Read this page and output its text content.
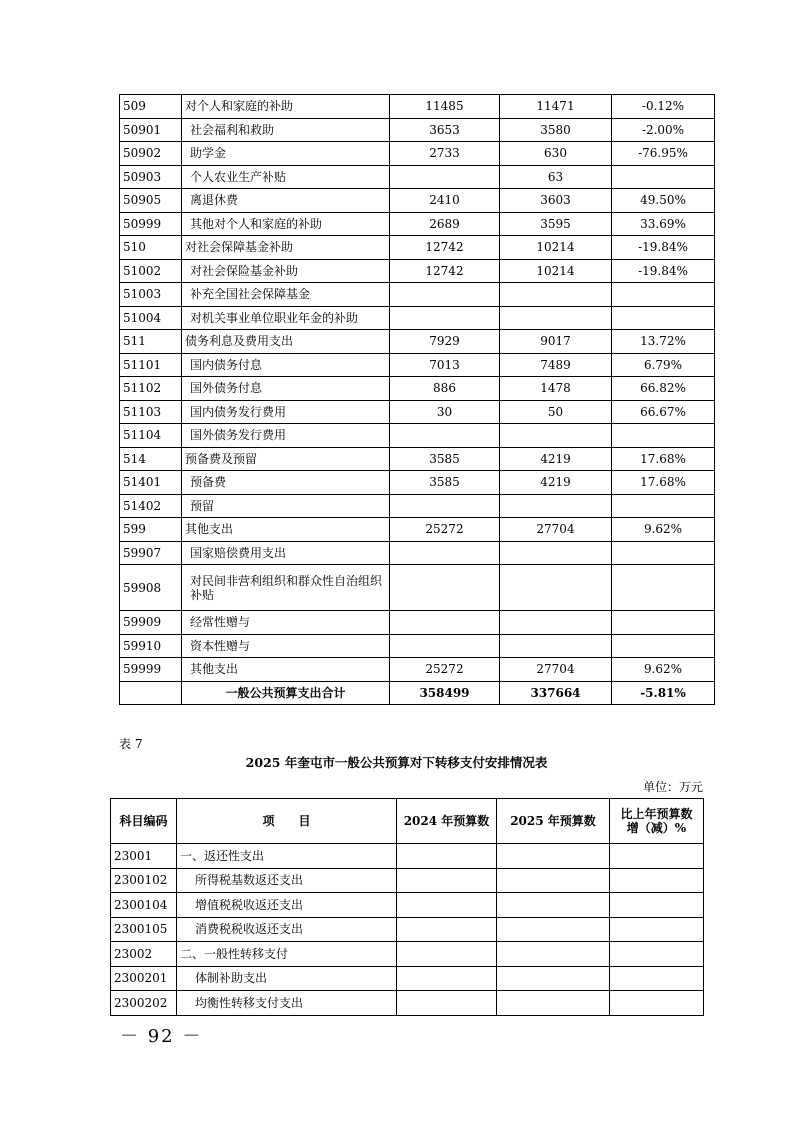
509	对个人和家庭的补助	11485	11471	-0.12%
50901	社会福利和救助	3653	3580	-2.00%
50902	助学金	2733	630	-76.95%
50903	个人农业生产补贴		63	
50905	离退休费	2410	3603	49.50%
50999	其他对个人和家庭的补助	2689	3595	33.69%
510	对社会保障基金补助	12742	10214	-19.84%
51002	对社会保险基金补助	12742	10214	-19.84%
51003	补充全国社会保障基金			
51004	对机关事业单位职业年金的补助			
511	债务利息及费用支出	7929	9017	13.72%
51101	国内债务付息	7013	7489	6.79%
51102	国外债务付息	886	1478	66.82%
51103	国内债务发行费用	30	50	66.67%
51104	国外债务发行费用			
514	预备费及预留	3585	4219	17.68%
51401	预备费	3585	4219	17.68%
51402	预留			
599	其他支出	25272	27704	9.62%
59907	国家赔偿费用支出			
59908	对民间非营利组织和群众性自治组织补贴			
59909	经常性赠与			
59910	资本性赠与			
59999	其他支出	25272	27704	9.62%
	一般公共预算支出合计	358499	337664	-5.81%
表 7
2025 年奎屯市一般公共预算对下转移支付安排情况表
单位：万元
科目编码	项　　目	2024 年预算数	2025 年预算数	比上年预算数
增（减）%
23001	一、返还性支出			
2300102	所得税基数返还支出			
2300104	增值税税收返还支出			
2300105	消费税税收返还支出			
23002	二、一般性转移支付			
2300201	体制补助支出			
2300202	均衡性转移支付支出			
－ 92 －
